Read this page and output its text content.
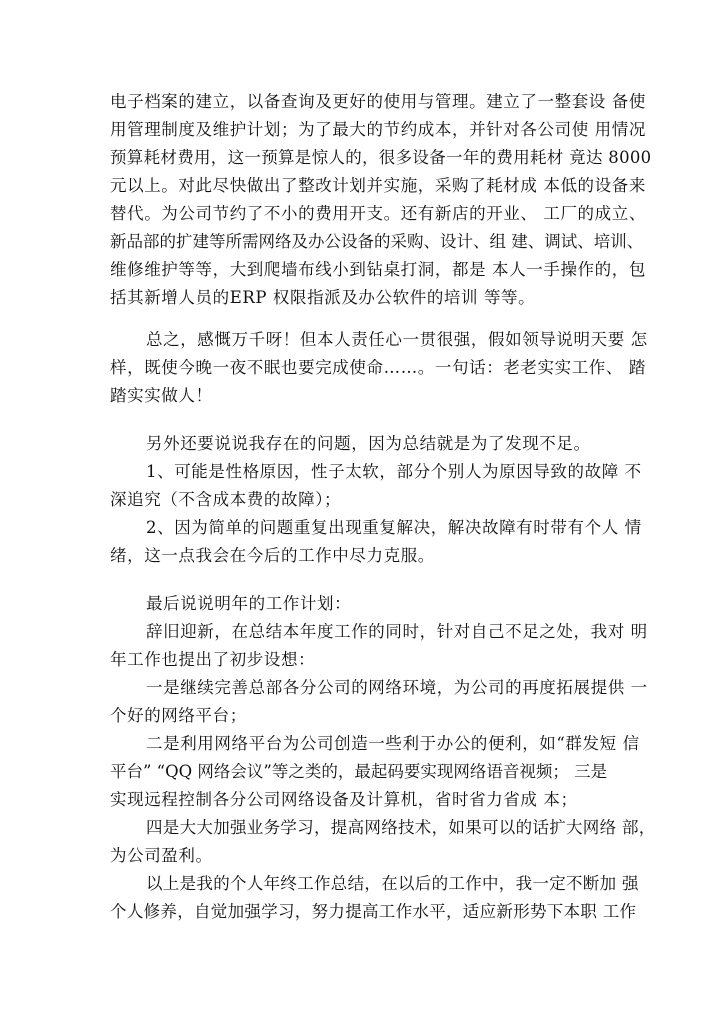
电子档案的建立，以备查询及更好的使用与管理。建立了一整套设 备使
用管理制度及维护计划；为了最大的节约成本，并针对各公司使 用情况
预算耗材费用，这一预算是惊人的，很多设备一年的费用耗材 竟达 8000
元以上。对此尽快做出了整改计划并实施，采购了耗材成 本低的设备来
替代。为公司节约了不小的费用开支。还有新店的开业、 工厂的成立、
新品部的扩建等所需网络及办公设备的采购、设计、组 建、调试、培训、
维修维护等等，大到爬墙布线小到钻桌打洞，都是 本人一手操作的，包
括其新增人员的ERP 权限指派及办公软件的培训 等等。
总之，感慨万千呀！但本人责任心一贯很强，假如领导说明天要 怎
样，既使今晚一夜不眠也要完成使命……。一句话：老老实实工作、 踏
踏实实做人！
另外还要说说我存在的问题，因为总结就是为了发现不足。
1、可能是性格原因，性子太软，部分个别人为原因导致的故障 不
深追究（不含成本费的故障）；
2、因为简单的问题重复出现重复解决，解决故障有时带有个人 情
绪，这一点我会在今后的工作中尽力克服。
最后说说明年的工作计划：
辞旧迎新，在总结本年度工作的同时，针对自己不足之处，我对 明
年工作也提出了初步设想：
一是继续完善总部各分公司的网络环境，为公司的再度拓展提供 一
个好的网络平台；
二是利用网络平台为公司创造一些利于办公的便利，如“群发短 信
平台” “QQ 网络会议”等之类的，最起码要实现网络语音视频； 三是
实现远程控制各分公司网络设备及计算机，省时省力省成 本；
四是大大加强业务学习，提高网络技术，如果可以的话扩大网络 部，
为公司盈利。
以上是我的个人年终工作总结，在以后的工作中，我一定不断加 强
个人修养，自觉加强学习，努力提高工作水平，适应新形势下本职 工作
